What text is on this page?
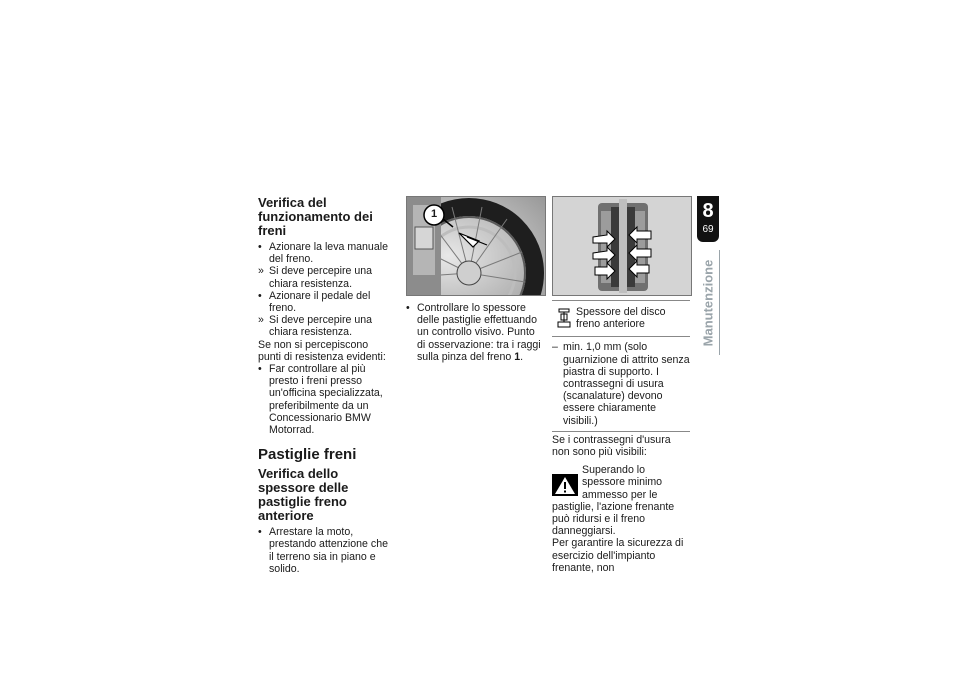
Verifica del funzionamento dei freni

• Azionare la leva manuale del freno.

» Si deve percepire una chiara resistenza.

• Azionare il pedale del freno.

» Si deve percepire una chiara resistenza.

Se non si percepiscono punti di resistenza evidenti:

• Far controllare al più presto i freni presso un'officina specializzata, preferibilmente da un Concessionario BMW Motorrad.

Pastiglie freni
Verifica dello spessore delle pastiglie freno anteriore

• Arrestare la moto, prestando attenzione che il terreno sia in piano e solido.

1

• Controllare lo spessore delle pastiglie effettuando un controllo visivo. Punto di osservazione: tra i raggi sulla pinza del freno 1.

Spessore del disco freno anteriore

– min. 1,0 mm (solo guarnizione di attrito senza piastra di supporto. I contrassegni di usura (scanalature) devono essere chiaramente visibili.)

Se i contrassegni d'usura non sono più visibili:

Superando lo spessore minimo ammesso per le pastiglie, l'azione frenante può ridursi e il freno danneggiarsi.

Per garantire la sicurezza di esercizio dell'impianto frenante, non

8
69
Manutenzione
